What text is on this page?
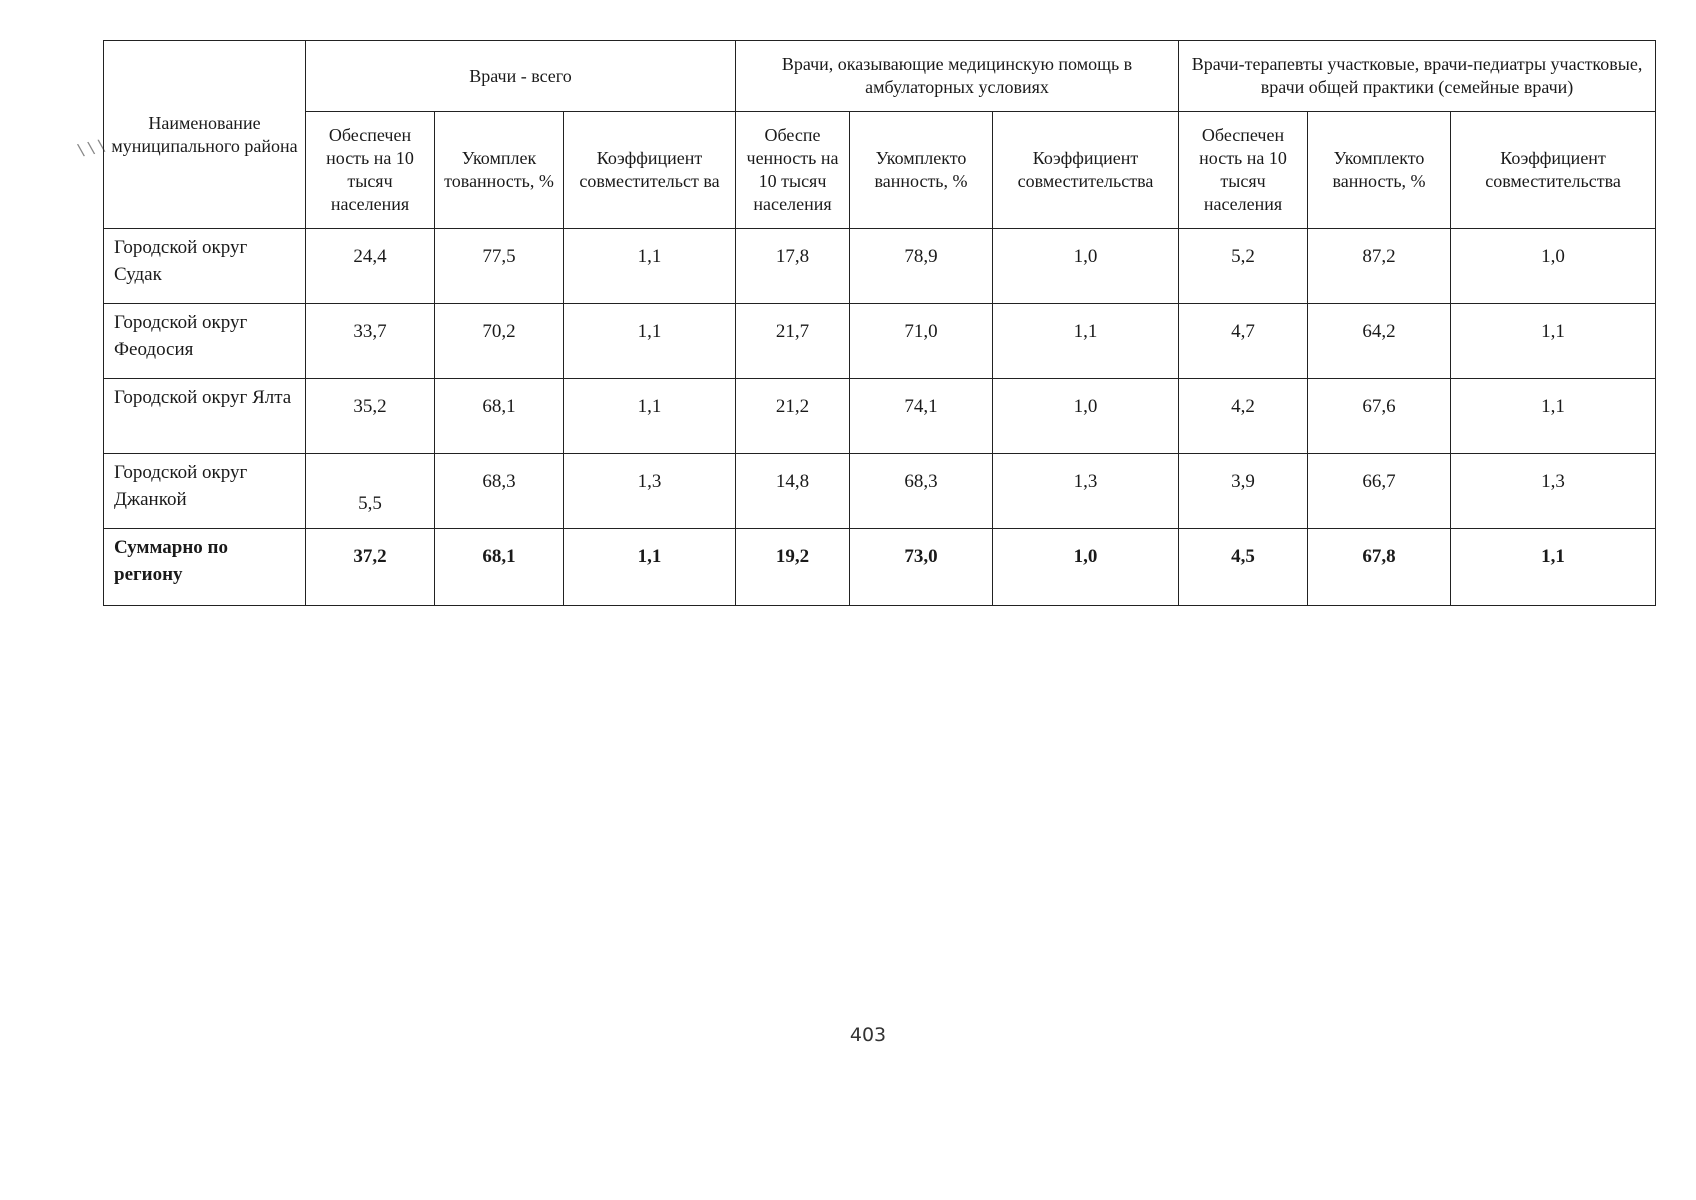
\ \ \
Наименование муниципального района	Врачи - всего			Врачи, оказывающие медицинскую помощь в амбулаторных условиях			Врачи-терапевты участковые, врачи-педиатры участковые, врачи общей практики (семейные врачи)		
	Обеспечен ность на 10 тысяч населения	Укомплек тованность, %	Коэффициент совместительст ва	Обеспе ченность на 10 тысяч населения	Укомплекто ванность, %	Коэффициент совместительства	Обеспечен ность на 10 тысяч населения	Укомплекто ванность, %	Коэффициент совместительства
Городской округ Судак	24,4	77,5	1,1	17,8	78,9	1,0	5,2	87,2	1,0
Городской округ Феодосия	33,7	70,2	1,1	21,7	71,0	1,1	4,7	64,2	1,1
Городской округ Ялта	35,2	68,1	1,1	21,2	74,1	1,0	4,2	67,6	1,1
Городской округ Джанкой	5,5	68,3	1,3	14,8	68,3	1,3	3,9	66,7	1,3
Суммарно по региону	37,2	68,1	1,1	19,2	73,0	1,0	4,5	67,8	1,1
403
